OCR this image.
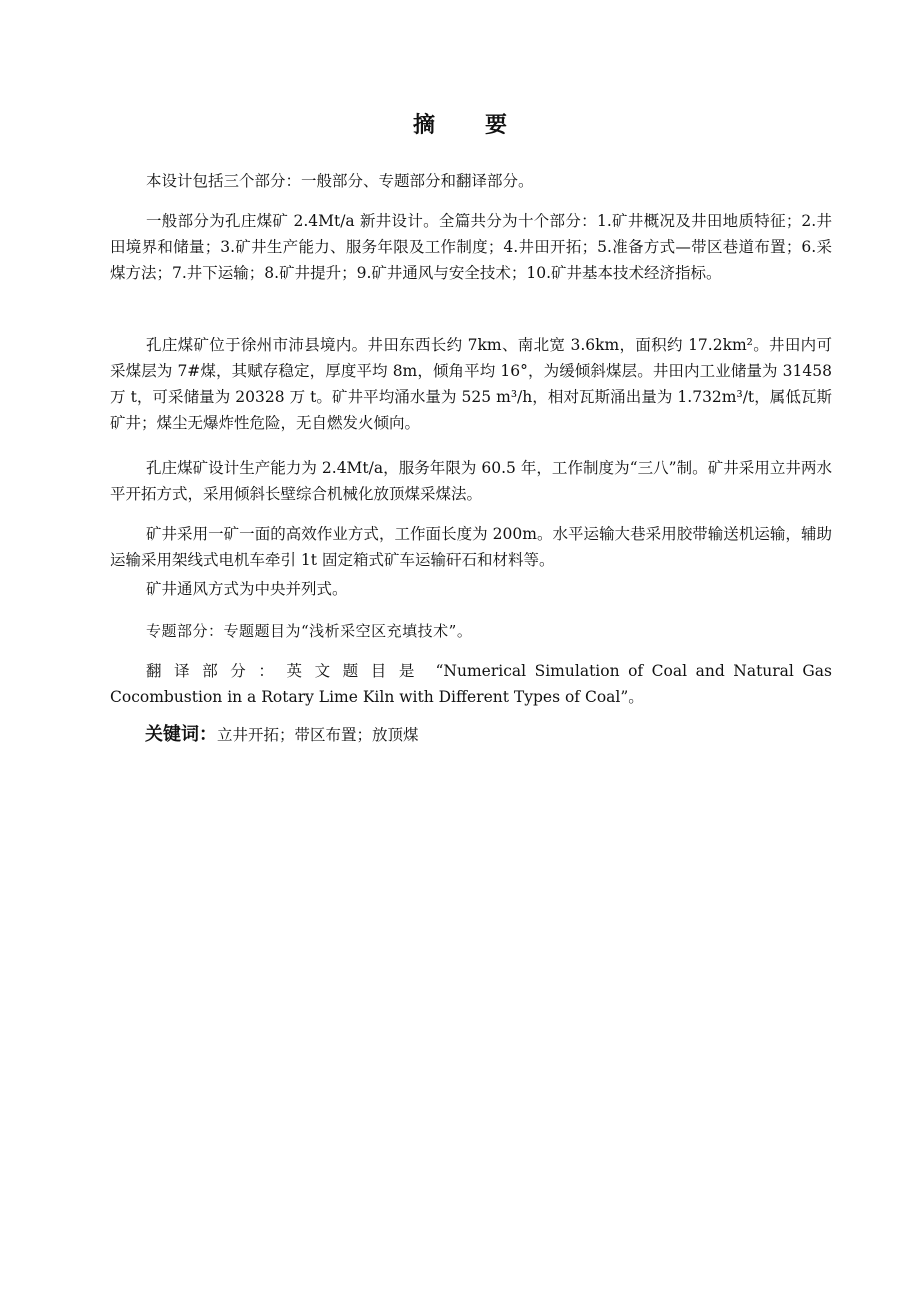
摘　要

本设计包括三个部分：一般部分、专题部分和翻译部分。

一般部分为孔庄煤矿 2.4Mt/a 新井设计。全篇共分为十个部分：1.矿井概况及井田地质特征；2.井田境界和储量；3.矿井生产能力、服务年限及工作制度；4.井田开拓；5.准备方式—带区巷道布置；6.采煤方法；7.井下运输；8.矿井提升；9.矿井通风与安全技术；10.矿井基本技术经济指标。

孔庄煤矿位于徐州市沛县境内。井田东西长约 7km、南北宽 3.6km，面积约 17.2km²。井田内可采煤层为 7#煤，其赋存稳定，厚度平均 8m，倾角平均 16°，为缓倾斜煤层。井田内工业储量为 31458 万 t，可采储量为 20328 万 t。矿井平均涌水量为 525 m³/h，相对瓦斯涌出量为 1.732m³/t，属低瓦斯矿井；煤尘无爆炸性危险，无自燃发火倾向。

孔庄煤矿设计生产能力为 2.4Mt/a，服务年限为 60.5 年，工作制度为“三八”制。矿井采用立井两水平开拓方式，采用倾斜长壁综合机械化放顶煤采煤法。

矿井采用一矿一面的高效作业方式，工作面长度为 200m。水平运输大巷采用胶带输送机运输，辅助运输采用架线式电机车牵引 1t 固定箱式矿车运输矸石和材料等。

矿井通风方式为中央并列式。

专题部分：专题题目为“浅析采空区充填技术”。

翻译部分：英文题目是 “Numerical Simulation of Coal and Natural Gas Cocombustion in a Rotary Lime Kiln with Different Types of Coal”。

关键词：立井开拓；带区布置；放顶煤
